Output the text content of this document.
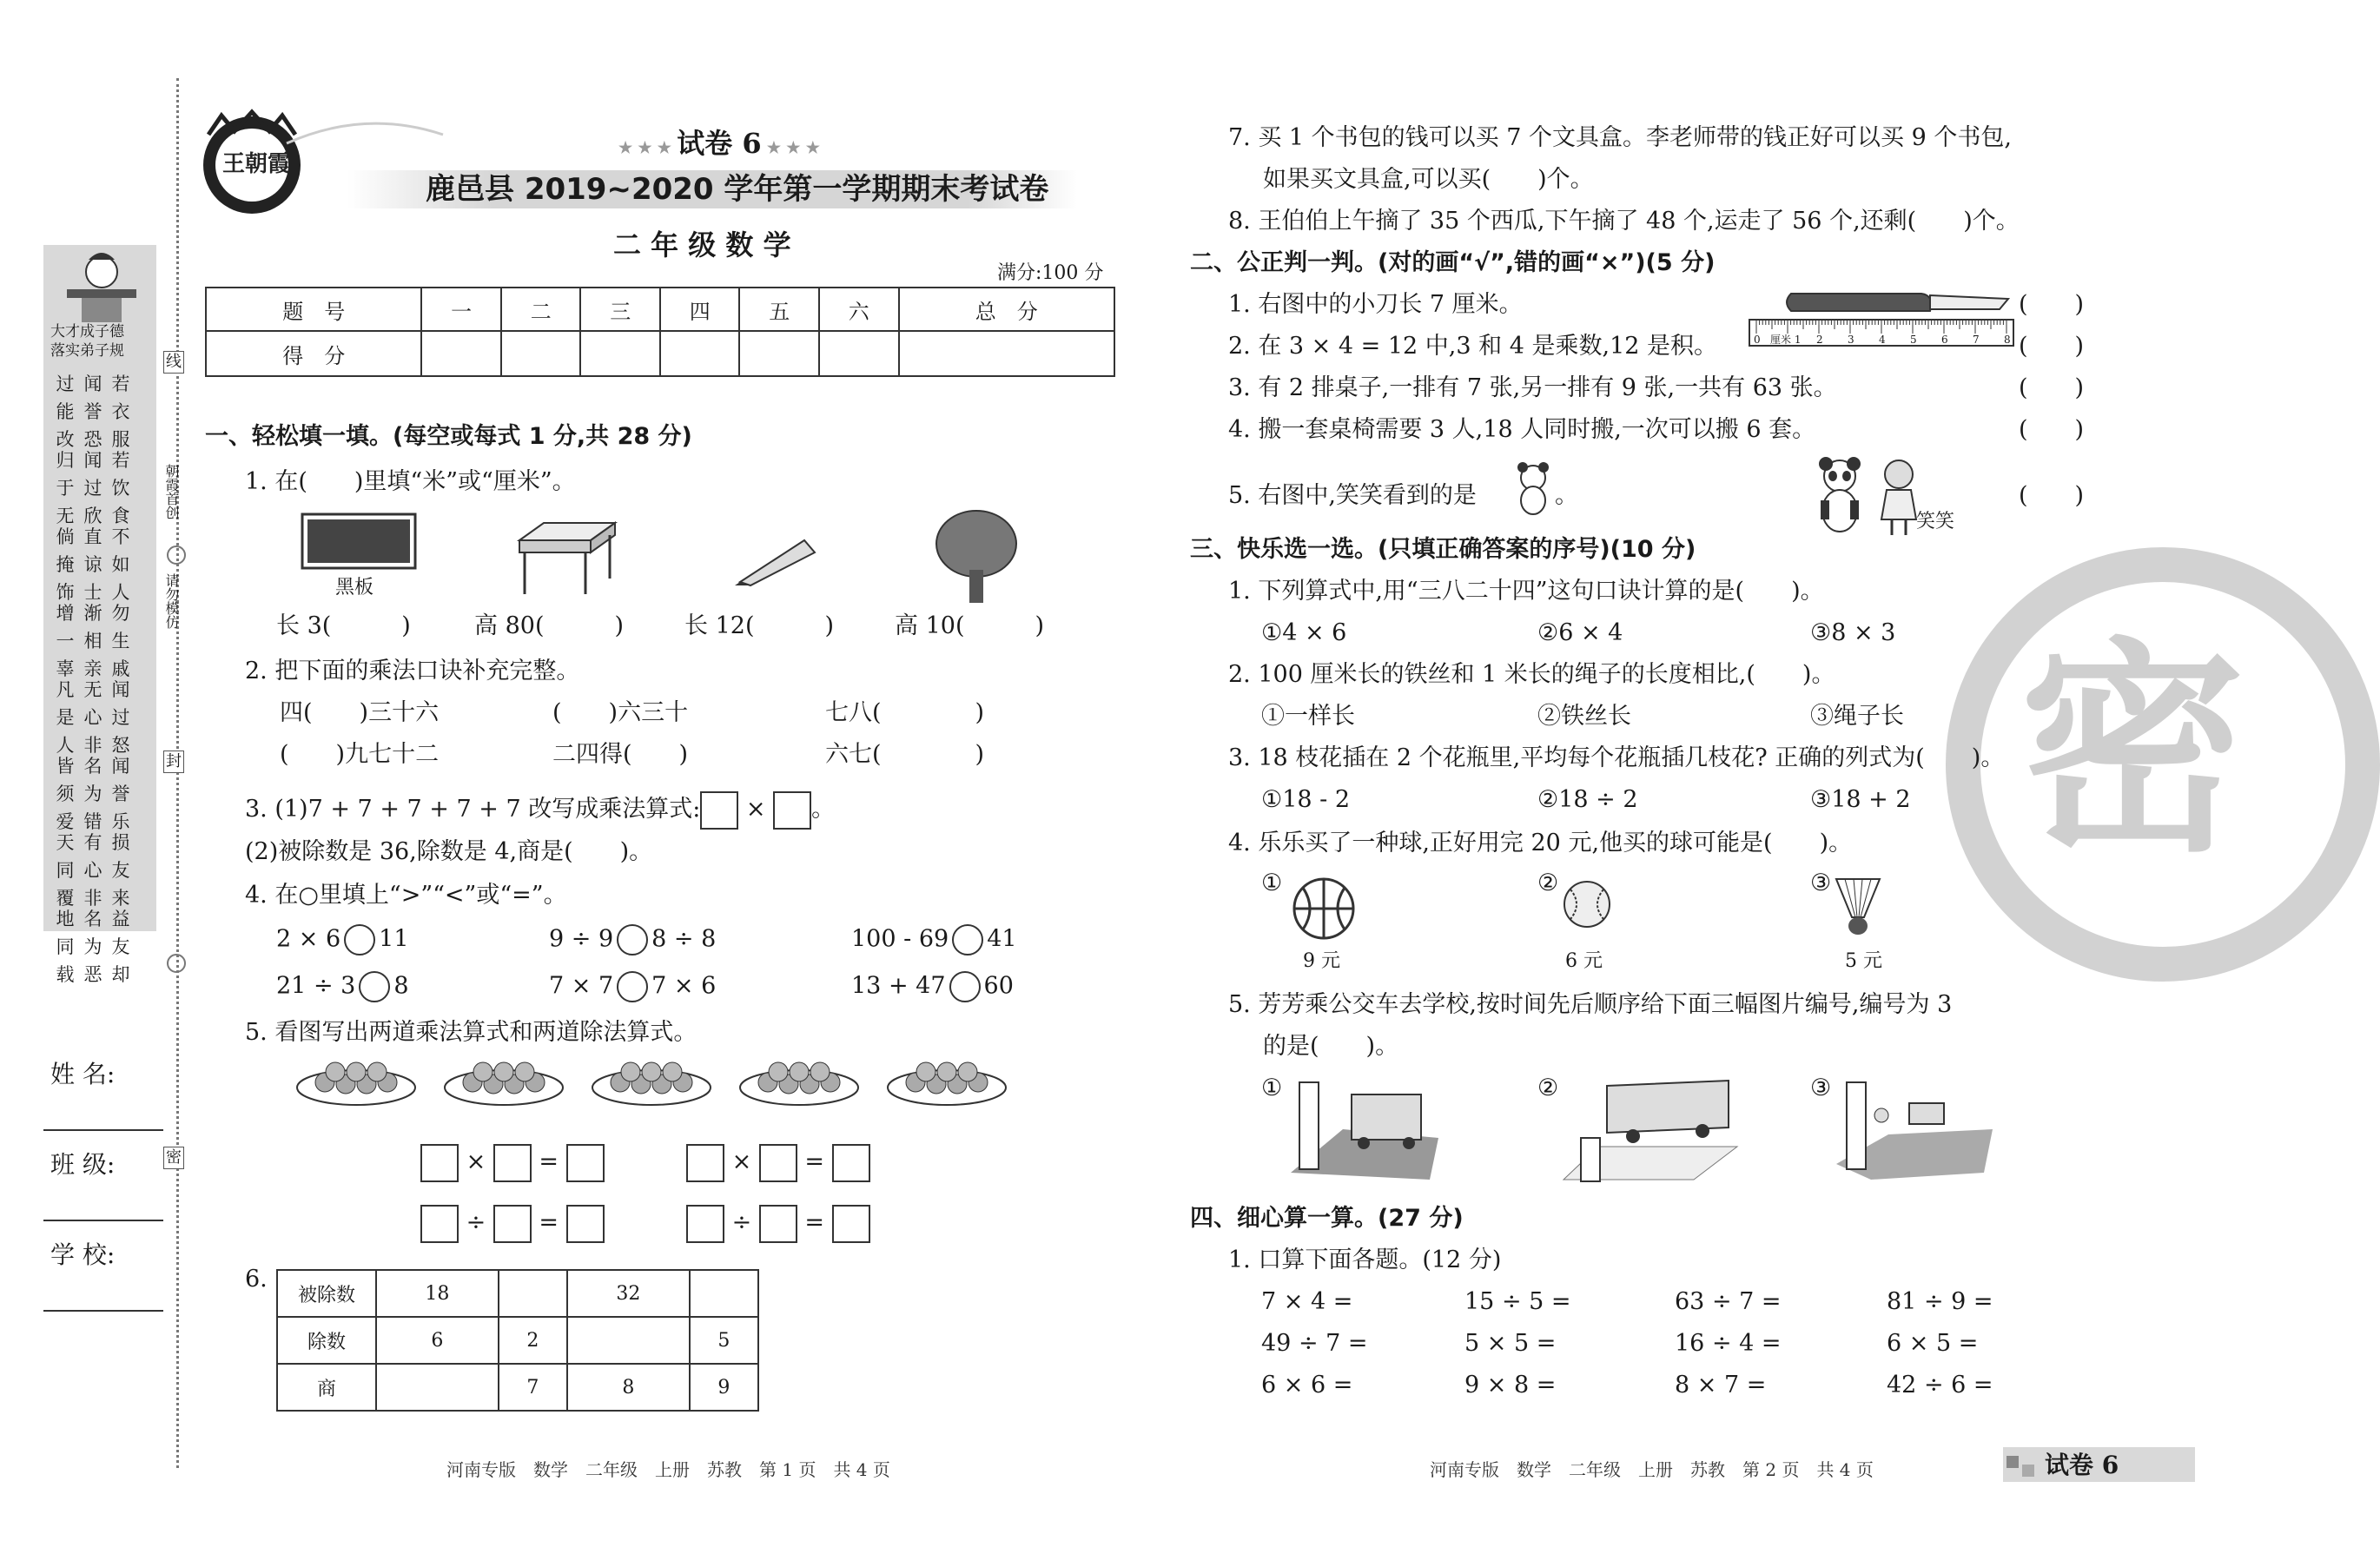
大才成子德
落实弟子规
过能改
闻誉恐
若衣服
归于无
闻过欣
若饮食
倘掩饰
直谅士
不如人
增一辜
渐相亲
勿生戚
凡是人
无心非
闻过怒
皆须爱
名为错
闻誉乐
天同覆
有心非
损友来
地同载
名为恶
益友却
线
封
密
朝霞首创
请勿模仿
姓 名:
班 级:
学 校:
王朝霞
★ ★ ★ 试卷 6 ★ ★ ★
鹿邑县 2019~2020 学年第一学期期末考试卷
二 年 级 数 学
满分:100 分
题　号	一	二	三	四	五	六	总　分
得　分							
一、轻松填一填。(每空或每式 1 分,共 28 分)
1. 在(　　)里填“米”或“厘米”。
黑板
长 3(　　　)	高 80(　　　)	长 12(　　　)	高 10(　　　)
2. 把下面的乘法口诀补充完整。
四(　　)三十六	(　　)六三十	七八(　　　　)
(　　)九七十二	二四得(　　)	六七(　　　　)
3. (1)7 + 7 + 7 + 7 + 7 改写成乘法算式: × 。
(2)被除数是 36,除数是 4,商是(　　)。
4. 在○里填上“>”“<”或“=”。
2 × 6 11	9 ÷ 9 8 ÷ 8	100 - 69 41
21 ÷ 3 8	7 × 7 7 × 6	13 + 47 60
5. 看图写出两道乘法算式和两道除法算式。
×  =	×  =
÷  =	÷  =
6.
被除数	18		32	
除数	6	2		5
商		7	8	9
河南专版　数学　二年级　上册　苏教　第 1 页　共 4 页
密
7. 买 1 个书包的钱可以买 7 个文具盒。李老师带的钱正好可以买 9 个书包,
如果买文具盒,可以买(　　)个。
8. 王伯伯上午摘了 35 个西瓜,下午摘了 48 个,运走了 56 个,还剩(　　)个。
二、公正判一判。(对的画“√”,错的画“×”)(5 分)
1. 右图中的小刀长 7 厘米。
2. 在 3 × 4 = 12 中,3 和 4 是乘数,12 是积。
3. 有 2 排桌子,一排有 7 张,另一排有 9 张,一共有 63 张。
4. 搬一套桌椅需要 3 人,18 人同时搬,一次可以搬 6 套。
5. 右图中,笑笑看到的是	。
(　　)
(　　)
(　　)
(　　)
(　　)
0 厘米 1 2 3 4 5 6 7 8
笑笑
三、快乐选一选。(只填正确答案的序号)(10 分)
1. 下列算式中,用“三八二十四”这句口诀计算的是(　　)。
①4 × 6	②6 × 4	③8 × 3
2. 100 厘米长的铁丝和 1 米长的绳子的长度相比,(　　)。
①一样长	②铁丝长	③绳子长
3. 18 枝花插在 2 个花瓶里,平均每个花瓶插几枝花? 正确的列式为(　　)。
①18 - 2	②18 ÷ 2	③18 + 2
4. 乐乐买了一种球,正好用完 20 元,他买的球可能是(　　)。
①	②	③
9 元	6 元	5 元
5. 芳芳乘公交车去学校,按时间先后顺序给下面三幅图片编号,编号为 3
的是(　　)。
①	②	③
四、细心算一算。(27 分)
1. 口算下面各题。(12 分)
7 × 4 =	15 ÷ 5 =	63 ÷ 7 =	81 ÷ 9 =
49 ÷ 7 =	5 × 5 =	16 ÷ 4 =	6 × 5 =
6 × 6 =	9 × 8 =	8 × 7 =	42 ÷ 6 =
河南专版　数学　二年级　上册　苏教　第 2 页　共 4 页	试卷 6
